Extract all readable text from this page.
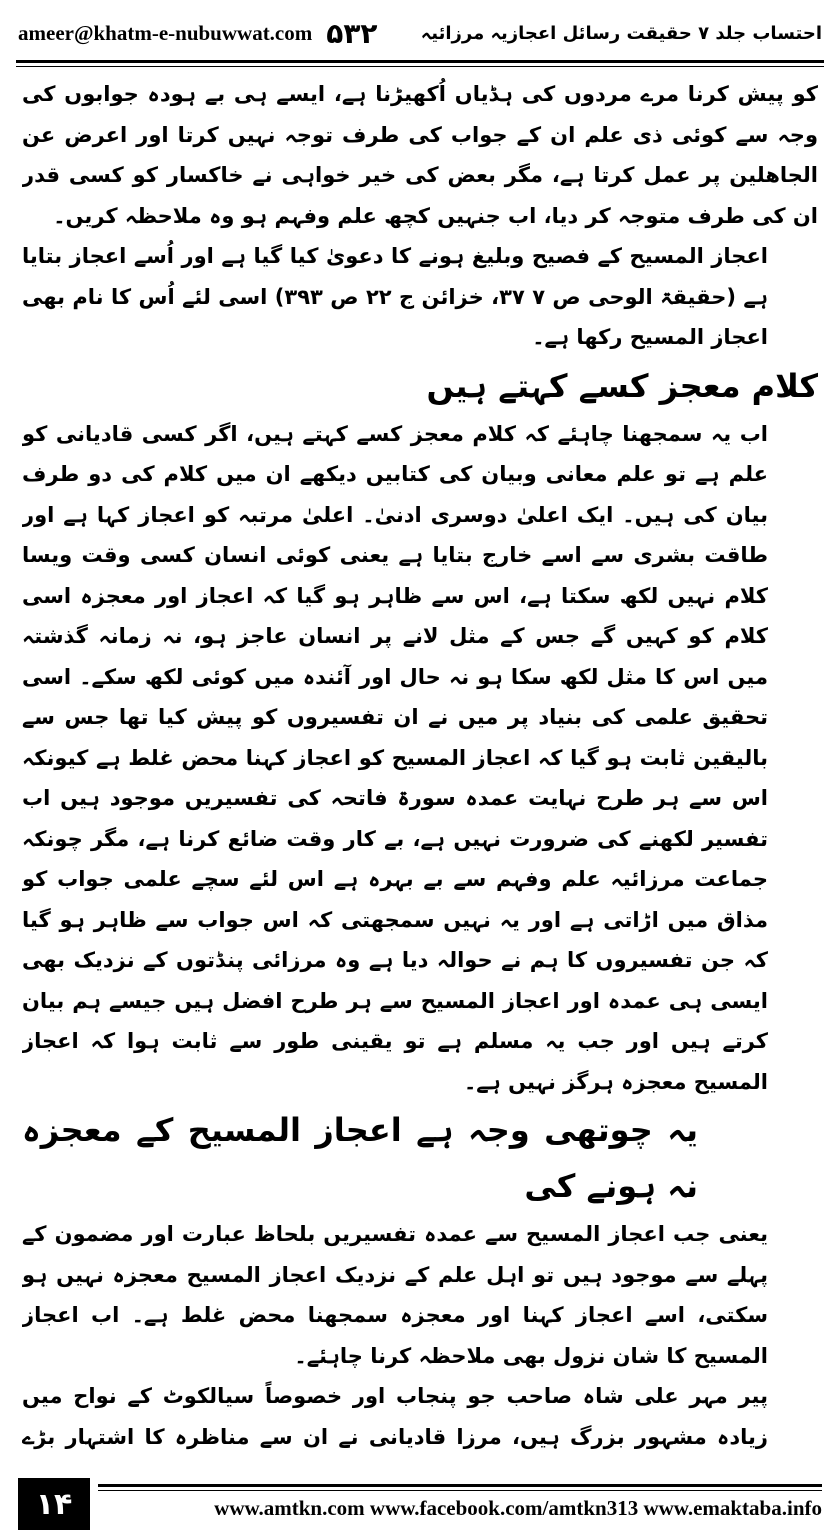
ameer@khatm-e-nubuwwat.com ۵۳۲ احتساب جلد ۷ حقیقت رسائل اعجازیہ مرزائیہ

کو پیش کرنا مرے مردوں کی ہڈیاں اُکھیڑنا ہے، ایسے ہی بے ہودہ جوابوں کی وجہ سے کوئی ذی علم ان کے جواب کی طرف توجہ نہیں کرتا اور اعرض عن الجاھلین پر عمل کرتا ہے، مگر بعض کی خیر خواہی نے خاکسار کو کسی قدر ان کی طرف متوجہ کر دیا، اب جنہیں کچھ علم وفہم ہو وہ ملاحظہ کریں۔

اعجاز المسیح کے فصیح وبلیغ ہونے کا دعویٰ کیا گیا ہے اور اُسے اعجاز بتایا ہے (حقیقۃ الوحی ص ۷ ۳۷، خزائن ج ۲۲ ص ۳۹۳) اسی لئے اُس کا نام بھی اعجاز المسیح رکھا ہے۔

کلام معجز کسے کہتے ہیں

اب یہ سمجھنا چاہئے کہ کلام معجز کسے کہتے ہیں، اگر کسی قادیانی کو علم ہے تو علم معانی وبیان کی کتابیں دیکھے ان میں کلام کی دو طرف بیان کی ہیں۔ ایک اعلیٰ دوسری ادنیٰ۔ اعلیٰ مرتبہ کو اعجاز کہا ہے اور طاقت بشری سے اسے خارج بتایا ہے یعنی کوئی انسان کسی وقت ویسا کلام نہیں لکھ سکتا ہے، اس سے ظاہر ہو گیا کہ اعجاز اور معجزہ اسی کلام کو کہیں گے جس کے مثل لانے پر انسان عاجز ہو، نہ زمانہ گذشتہ میں اس کا مثل لکھ سکا ہو نہ حال اور آئندہ میں کوئی لکھ سکے۔ اسی تحقیق علمی کی بنیاد پر میں نے ان تفسیروں کو پیش کیا تھا جس سے بالیقین ثابت ہو گیا کہ اعجاز المسیح کو اعجاز کہنا محض غلط ہے کیونکہ اس سے ہر طرح نہایت عمدہ سورۃ فاتحہ کی تفسیریں موجود ہیں اب تفسیر لکھنے کی ضرورت نہیں ہے، بے کار وقت ضائع کرنا ہے، مگر چونکہ جماعت مرزائیہ علم وفہم سے بے بہرہ ہے اس لئے سچے علمی جواب کو مذاق میں اڑاتی ہے اور یہ نہیں سمجھتی کہ اس جواب سے ظاہر ہو گیا کہ جن تفسیروں کا ہم نے حوالہ دیا ہے وہ مرزائی پنڈتوں کے نزدیک بھی ایسی ہی عمدہ اور اعجاز المسیح سے ہر طرح افضل ہیں جیسے ہم بیان کرتے ہیں اور جب یہ مسلم ہے تو یقینی طور سے ثابت ہوا کہ اعجاز المسیح معجزہ ہرگز نہیں ہے۔

یہ چوتھی وجہ ہے اعجاز المسیح کے معجزہ نہ ہونے کی

یعنی جب اعجاز المسیح سے عمدہ تفسیریں بلحاظ عبارت اور مضمون کے پہلے سے موجود ہیں تو اہل علم کے نزدیک اعجاز المسیح معجزہ نہیں ہو سکتی، اسے اعجاز کہنا اور معجزہ سمجھنا محض غلط ہے۔ اب اعجاز المسیح کا شان نزول بھی ملاحظہ کرنا چاہئے۔

پیر مہر علی شاہ صاحب جو پنجاب اور خصوصاً سیالکوٹ کے نواح میں زیادہ مشہور بزرگ ہیں، مرزا قادیانی نے ان سے مناظرہ کا اشتہار بڑے

۱۴	www.amtkn.com www.facebook.com/amtkn313 www.emaktaba.info
